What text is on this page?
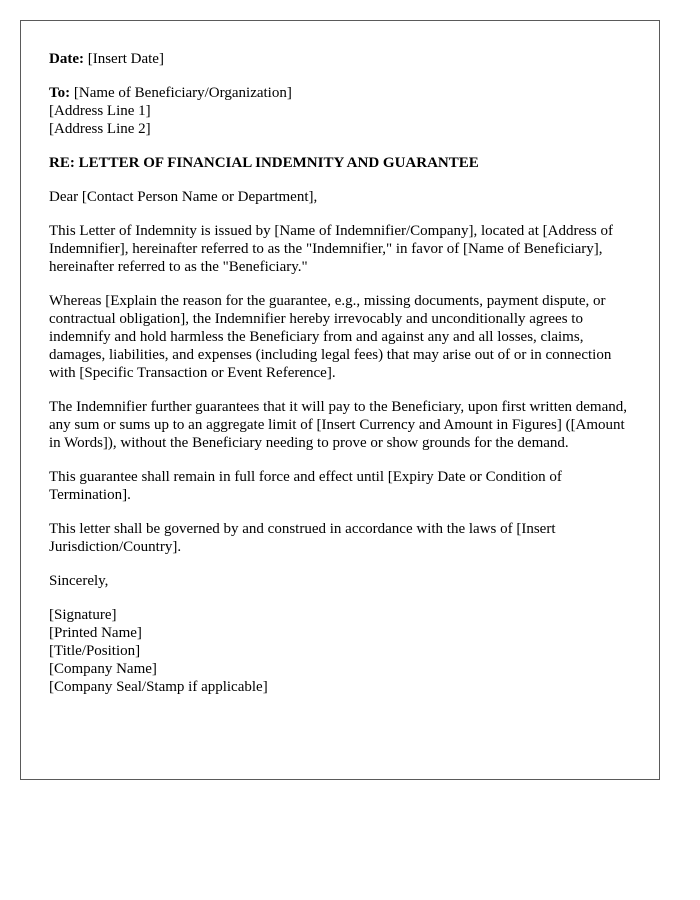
Date: [Insert Date]
To: [Name of Beneficiary/Organization]
[Address Line 1]
[Address Line 2]
RE: LETTER OF FINANCIAL INDEMNITY AND GUARANTEE
Dear [Contact Person Name or Department],
This Letter of Indemnity is issued by [Name of Indemnifier/Company], located at [Address of Indemnifier], hereinafter referred to as the "Indemnifier," in favor of [Name of Beneficiary], hereinafter referred to as the "Beneficiary."
Whereas [Explain the reason for the guarantee, e.g., missing documents, payment dispute, or contractual obligation], the Indemnifier hereby irrevocably and unconditionally agrees to indemnify and hold harmless the Beneficiary from and against any and all losses, claims, damages, liabilities, and expenses (including legal fees) that may arise out of or in connection with [Specific Transaction or Event Reference].
The Indemnifier further guarantees that it will pay to the Beneficiary, upon first written demand, any sum or sums up to an aggregate limit of [Insert Currency and Amount in Figures] ([Amount in Words]), without the Beneficiary needing to prove or show grounds for the demand.
This guarantee shall remain in full force and effect until [Expiry Date or Condition of Termination].
This letter shall be governed by and construed in accordance with the laws of [Insert Jurisdiction/Country].
Sincerely,
[Signature]
[Printed Name]
[Title/Position]
[Company Name]
[Company Seal/Stamp if applicable]
